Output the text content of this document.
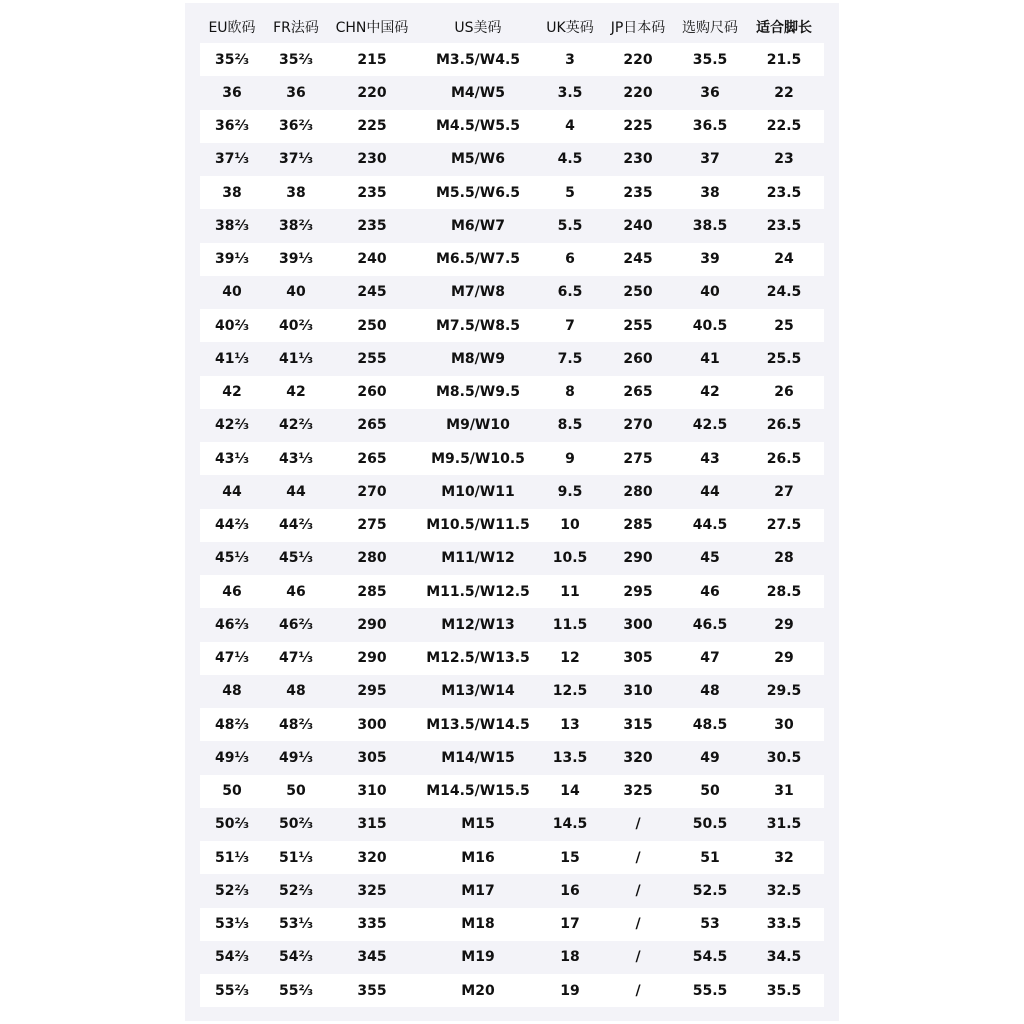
EU欧码	FR法码	CHN中国码	US美码	UK英码	JP日本码	选购尺码	适合脚长
35⅔	35⅔	215	M3.5/W4.5	3	220	35.5	21.5
36	36	220	M4/W5	3.5	220	36	22
36⅔	36⅔	225	M4.5/W5.5	4	225	36.5	22.5
37⅓	37⅓	230	M5/W6	4.5	230	37	23
38	38	235	M5.5/W6.5	5	235	38	23.5
38⅔	38⅔	235	M6/W7	5.5	240	38.5	23.5
39⅓	39⅓	240	M6.5/W7.5	6	245	39	24
40	40	245	M7/W8	6.5	250	40	24.5
40⅔	40⅔	250	M7.5/W8.5	7	255	40.5	25
41⅓	41⅓	255	M8/W9	7.5	260	41	25.5
42	42	260	M8.5/W9.5	8	265	42	26
42⅔	42⅔	265	M9/W10	8.5	270	42.5	26.5
43⅓	43⅓	265	M9.5/W10.5	9	275	43	26.5
44	44	270	M10/W11	9.5	280	44	27
44⅔	44⅔	275	M10.5/W11.5	10	285	44.5	27.5
45⅓	45⅓	280	M11/W12	10.5	290	45	28
46	46	285	M11.5/W12.5	11	295	46	28.5
46⅔	46⅔	290	M12/W13	11.5	300	46.5	29
47⅓	47⅓	290	M12.5/W13.5	12	305	47	29
48	48	295	M13/W14	12.5	310	48	29.5
48⅔	48⅔	300	M13.5/W14.5	13	315	48.5	30
49⅓	49⅓	305	M14/W15	13.5	320	49	30.5
50	50	310	M14.5/W15.5	14	325	50	31
50⅔	50⅔	315	M15	14.5	/	50.5	31.5
51⅓	51⅓	320	M16	15	/	51	32
52⅔	52⅔	325	M17	16	/	52.5	32.5
53⅓	53⅓	335	M18	17	/	53	33.5
54⅔	54⅔	345	M19	18	/	54.5	34.5
55⅔	55⅔	355	M20	19	/	55.5	35.5
